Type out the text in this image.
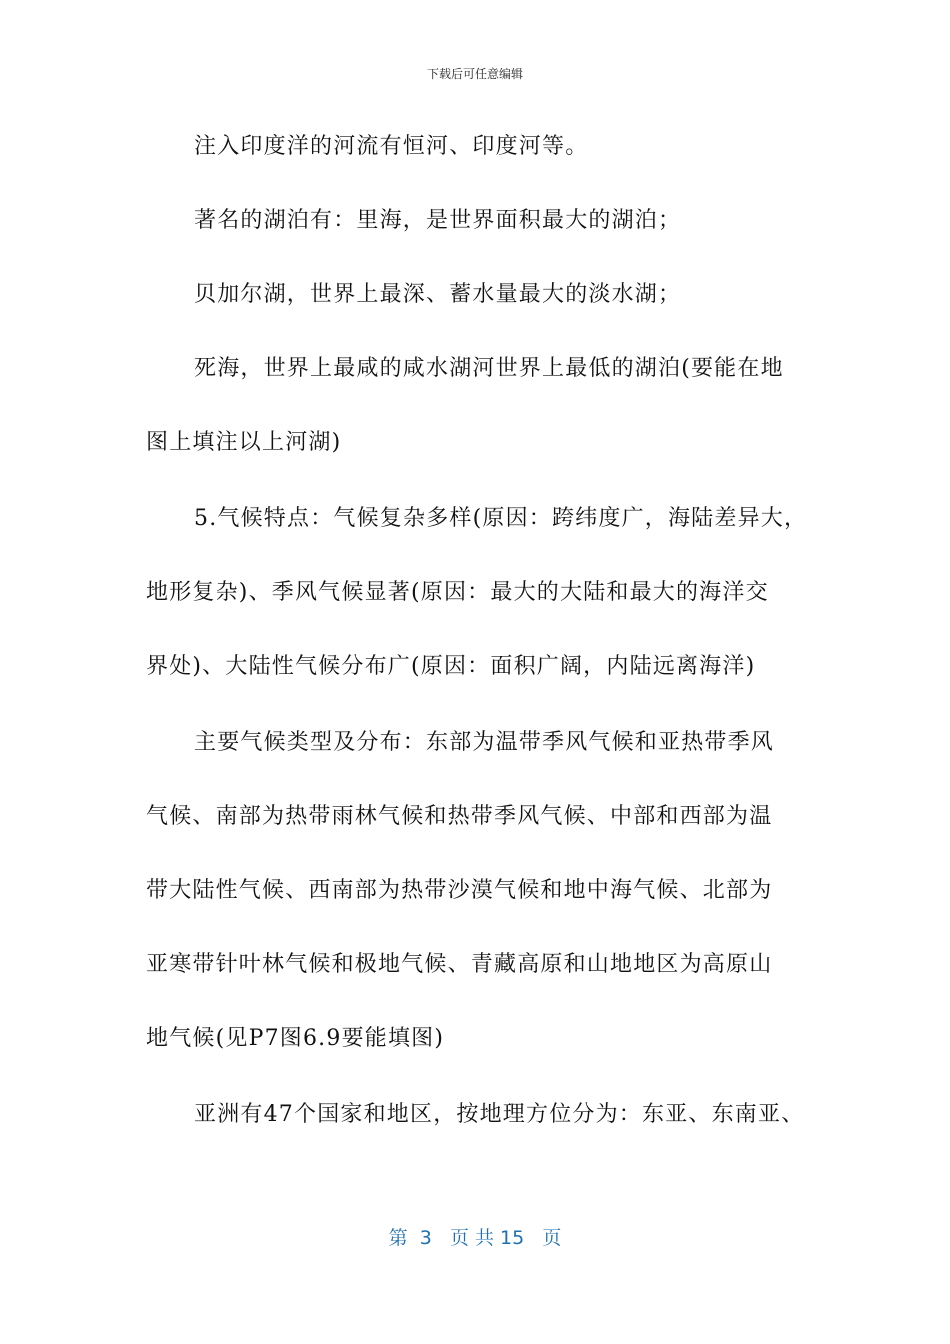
下载后可任意编辑
注入印度洋的河流有恒河、印度河等。
著名的湖泊有：里海，是世界面积最大的湖泊；
贝加尔湖，世界上最深、蓄水量最大的淡水湖；
死海，世界上最咸的咸水湖河世界上最低的湖泊(要能在地
图上填注以上河湖)
5.气候特点：气候复杂多样(原因：跨纬度广，海陆差异大，
地形复杂)、季风气候显著(原因：最大的大陆和最大的海洋交
界处)、大陆性气候分布广(原因：面积广阔，内陆远离海洋)
主要气候类型及分布：东部为温带季风气候和亚热带季风
气候、南部为热带雨林气候和热带季风气候、中部和西部为温
带大陆性气候、西南部为热带沙漠气候和地中海气候、北部为
亚寒带针叶林气候和极地气候、青藏高原和山地地区为高原山
地气候(见P7图6.9要能填图)
亚洲有47个国家和地区，按地理方位分为：东亚、东南亚、
第  3   页 共 15   页
